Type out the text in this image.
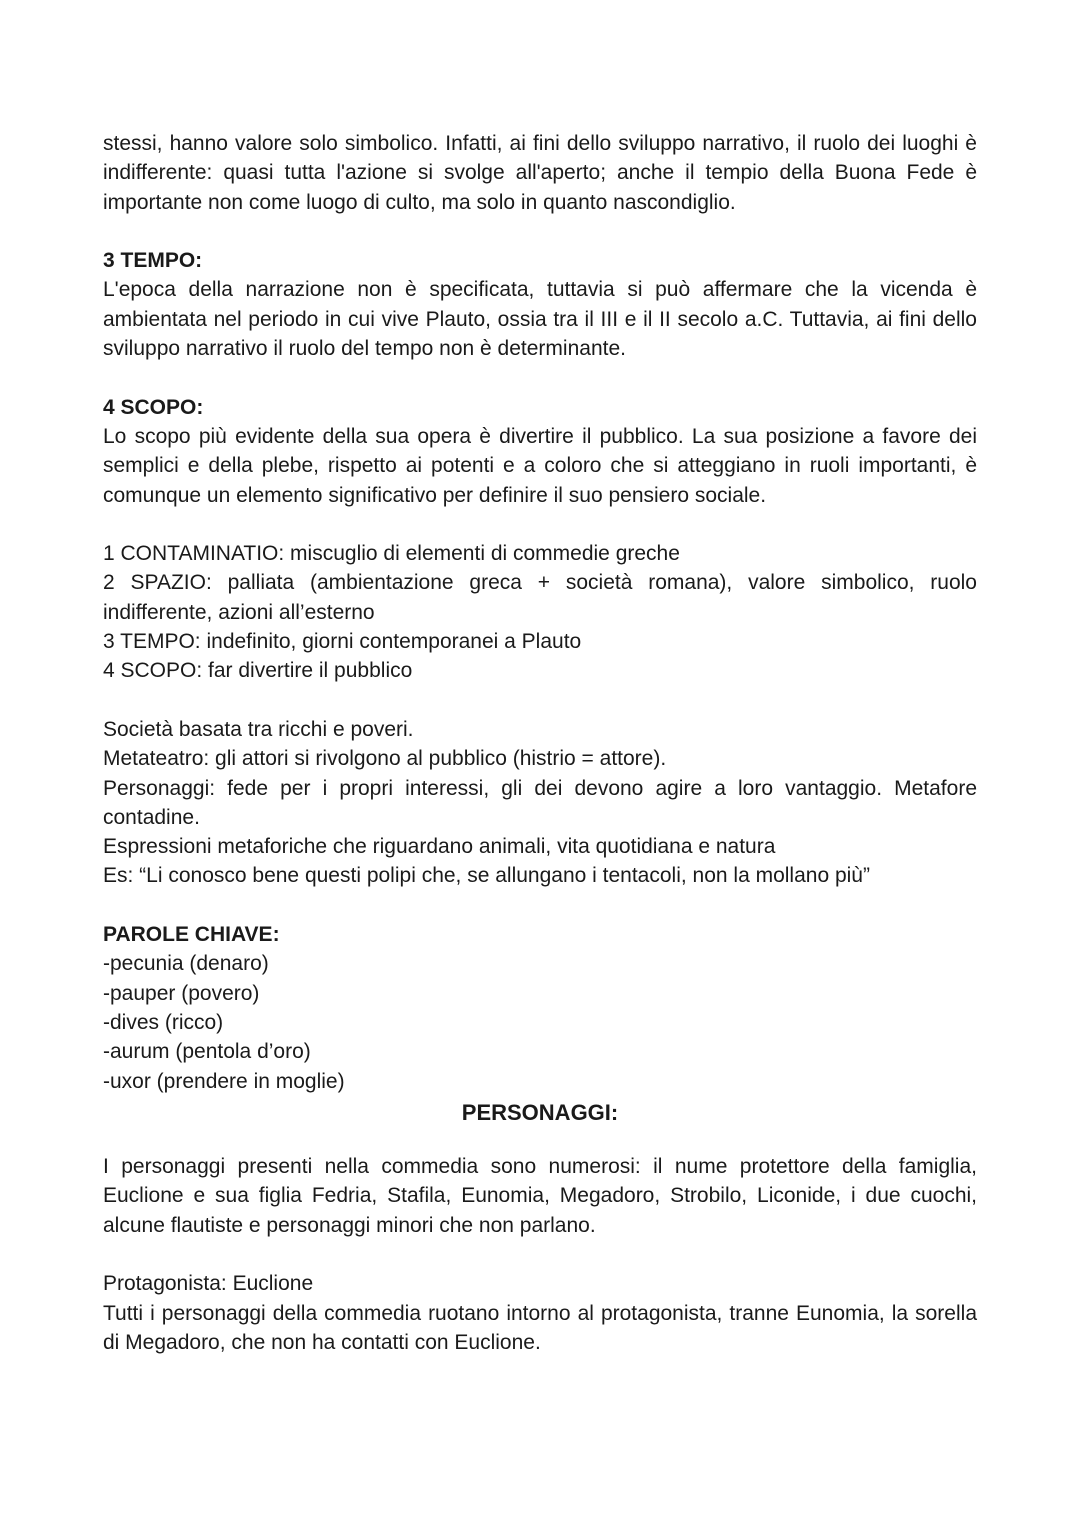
stessi, hanno valore solo simbolico. Infatti, ai fini dello sviluppo narrativo, il ruolo dei luoghi è indifferente: quasi tutta l'azione si svolge all'aperto; anche il tempio della Buona Fede è importante non come luogo di culto, ma solo in quanto nascondiglio.

3 TEMPO:

L'epoca della narrazione non è specificata, tuttavia si può affermare che la vicenda è ambientata nel periodo in cui vive Plauto, ossia tra il III e il II secolo a.C. Tuttavia, ai fini dello sviluppo narrativo il ruolo del tempo non è determinante.

4 SCOPO:

Lo scopo più evidente della sua opera è divertire il pubblico. La sua posizione a favore dei semplici e della plebe, rispetto ai potenti e a coloro che si atteggiano in ruoli importanti, è comunque un elemento significativo per definire il suo pensiero sociale.

1 CONTAMINATIO: miscuglio di elementi di commedie greche
2 SPAZIO: palliata (ambientazione greca + società romana), valore simbolico, ruolo indifferente, azioni all’esterno
3 TEMPO: indefinito, giorni contemporanei a Plauto
4 SCOPO: far divertire il pubblico
Società basata tra ricchi e poveri.
Metateatro: gli attori si rivolgono al pubblico (histrio = attore).
Personaggi: fede per i propri interessi, gli dei devono agire a loro vantaggio. Metafore contadine.
Espressioni metaforiche che riguardano animali, vita quotidiana e natura
Es: “Li conosco bene questi polipi che, se allungano i tentacoli, non la mollano più”

PAROLE CHIAVE:

-pecunia (denaro)
-pauper (povero)
-dives (ricco)
-aurum (pentola d’oro)
-uxor (prendere in moglie)

PERSONAGGI:

I personaggi presenti nella commedia sono numerosi: il nume protettore della famiglia, Euclione e sua figlia Fedria, Stafila, Eunomia, Megadoro, Strobilo, Liconide, i due cuochi, alcune flautiste e personaggi minori che non parlano.

Protagonista: Euclione

Tutti i personaggi della commedia ruotano intorno al protagonista, tranne Eunomia, la sorella di Megadoro, che non ha contatti con Euclione.
